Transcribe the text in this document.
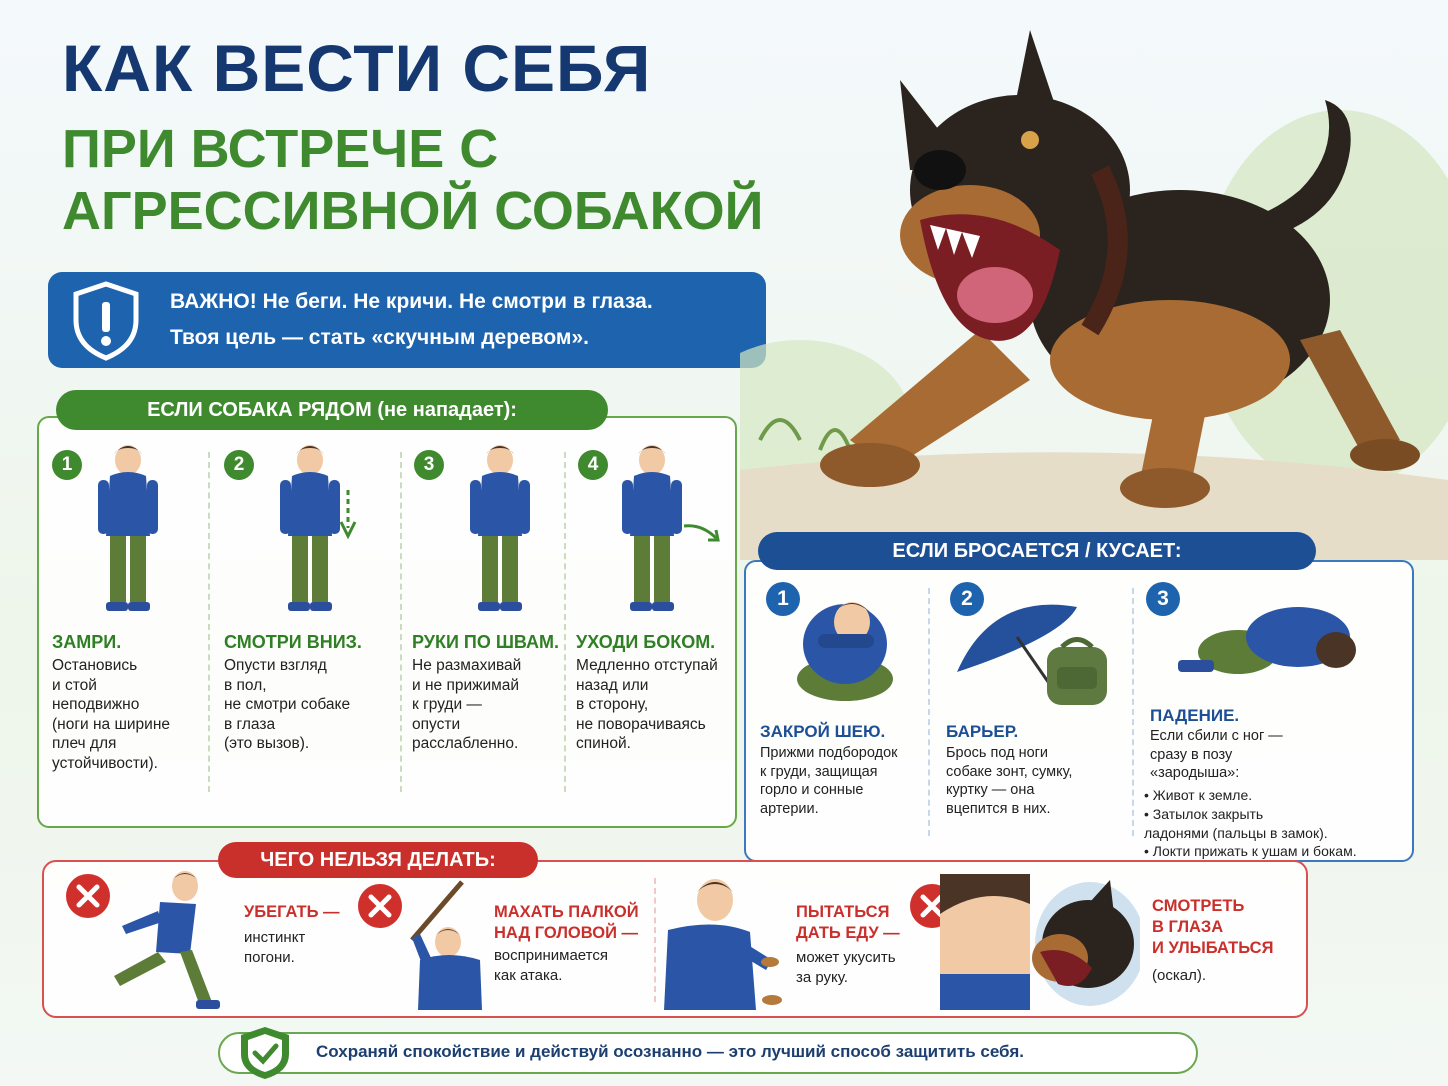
КАК ВЕСТИ СЕБЯ
ПРИ ВСТРЕЧЕ С
АГРЕССИВНОЙ СОБАКОЙ
ВАЖНО! Не беги. Не кричи. Не смотри в глаза.
Твоя цель — стать «скучным деревом».
ЕСЛИ СОБАКА РЯДОМ (не нападает):
1
ЗАМРИ.
Остановись
и стой
неподвижно
(ноги на ширине
плеч для
устойчивости).
2
СМОТРИ ВНИЗ.
Опусти взгляд
в пол,
не смотри собаке
в глаза
(это вызов).
3
РУКИ ПО ШВАМ.
Не размахивай
и не прижимай
к груди —
опусти
расслабленно.
4
УХОДИ БОКОМ.
Медленно отступай
назад или
в сторону,
не поворачиваясь
спиной.
ЕСЛИ БРОСАЕТСЯ / КУСАЕТ:
1
ЗАКРОЙ ШЕЮ.
Прижми подбородок
к груди, защищая
горло и сонные
артерии.
2
БАРЬЕР.
Брось под ноги
собаке зонт, сумку,
куртку — она
вцепится в них.
3
ПАДЕНИЕ.
Если сбили с ног —
сразу в позу
«зародыша»:
• Живот к земле.
• Затылок закрыть
ладонями (пальцы в замок).
• Локти прижать к ушам и бокам.
ЧЕГО НЕЛЬЗЯ ДЕЛАТЬ:
УБЕГАТЬ —
инстинкт
погони.
МАХАТЬ ПАЛКОЙ
НАД ГОЛОВОЙ —
воспринимается
как атака.
ПЫТАТЬСЯ
ДАТЬ ЕДУ —
может укусить
за руку.
СМОТРЕТЬ
В ГЛАЗА
И УЛЫБАТЬСЯ
(оскал).
Сохраняй спокойствие и действуй осознанно — это лучший способ защитить себя.
